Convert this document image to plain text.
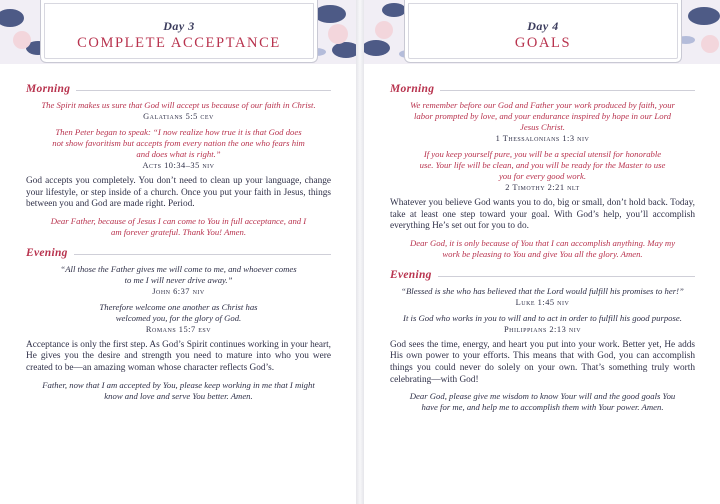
Day 3
COMPLETE ACCEPTANCE
Morning

The Spirit makes us sure that God will accept us because of our faith in Christ.

Galatians 5:5 cev

Then Peter began to speak: “I now realize how true it is that God does not show favoritism but accepts from every nation the one who fears him and does what is right.”

Acts 10:34–35 niv

God accepts you completely. You don’t need to clean up your language, change your lifestyle, or step inside of a church. Once you put your faith in Jesus, things between you and God are made right. Period.

Dear Father, because of Jesus I can come to You in full acceptance, and I am forever grateful. Thank You! Amen.

Evening

“All those the Father gives me will come to me, and whoever comes to me I will never drive away.”

John 6:37 niv

Therefore welcome one another as Christ has welcomed you, for the glory of God.

Romans 15:7 esv

Acceptance is only the first step. As God’s Spirit continues working in your heart, He gives you the desire and strength you need to mature into who you were created to be—an amazing woman whose character reflects God’s.

Father, now that I am accepted by You, please keep working in me that I might know and love and serve You better. Amen.

Day 4
GOALS
Morning

We remember before our God and Father your work produced by faith, your labor prompted by love, and your endurance inspired by hope in our Lord Jesus Christ.

1 Thessalonians 1:3 niv

If you keep yourself pure, you will be a special utensil for honorable use. Your life will be clean, and you will be ready for the Master to use you for every good work.

2 Timothy 2:21 nlt

Whatever you believe God wants you to do, big or small, don’t hold back. Today, take at least one step toward your goal. With God’s help, you’ll accomplish everything He’s set out for you to do.

Dear God, it is only because of You that I can accomplish anything. May my work be pleasing to You and give You all the glory. Amen.

Evening

“Blessed is she who has believed that the Lord would fulfill his promises to her!”

Luke 1:45 niv

It is God who works in you to will and to act in order to fulfill his good purpose.

Philippians 2:13 niv

God sees the time, energy, and heart you put into your work. Better yet, He adds His own power to your efforts. This means that with God, you can accomplish things you could never do solely on your own. That’s something truly worth celebrating—with God!

Dear God, please give me wisdom to know Your will and the good goals You have for me, and help me to accomplish them with Your power. Amen.
